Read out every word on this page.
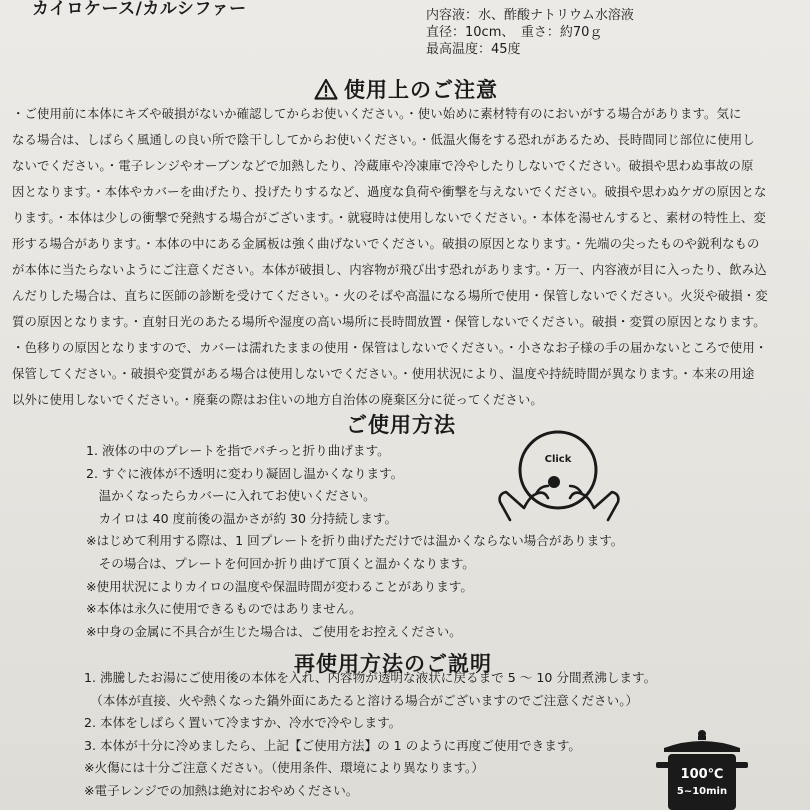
カイロケース/カルシファー	内容液：水、酢酸ナトリウム水溶液
直径：10cm、　重さ：約70ｇ
最高温度：45度
使用上のご注意
・ご使用前に本体にキズや破損がないか確認してからお使いください。・使い始めに素材特有のにおいがする場合があります。気に
なる場合は、しばらく風通しの良い所で陰干ししてからお使いください。・低温火傷をする恐れがあるため、長時間同じ部位に使用し
ないでください。・電子レンジやオーブンなどで加熱したり、冷蔵庫や冷凍庫で冷やしたりしないでください。破損や思わぬ事故の原
因となります。・本体やカバーを曲げたり、投げたりするなど、過度な負荷や衝撃を与えないでください。破損や思わぬケガの原因とな
ります。・本体は少しの衝撃で発熱する場合がございます。・就寝時は使用しないでください。・本体を湯せんすると、素材の特性上、変
形する場合があります。・本体の中にある金属板は強く曲げないでください。破損の原因となります。・先端の尖ったものや鋭利なもの
が本体に当たらないようにご注意ください。本体が破損し、内容物が飛び出す恐れがあります。・万一、内容液が目に入ったり、飲み込
んだりした場合は、直ちに医師の診断を受けてください。・火のそばや高温になる場所で使用・保管しないでください。火災や破損・変
質の原因となります。・直射日光のあたる場所や湿度の高い場所に長時間放置・保管しないでください。破損・変質の原因となります。
・色移りの原因となりますので、カバーは濡れたままの使用・保管はしないでください。・小さなお子様の手の届かないところで使用・
保管してください。・破損や変質がある場合は使用しないでください。・使用状況により、温度や持続時間が異なります。・本来の用途
以外に使用しないでください。・廃棄の際はお住いの地方自治体の廃棄区分に従ってください。
ご使用方法
Click
1. 液体の中のプレートを指でパチっと折り曲げます。
2. すぐに液体が不透明に変わり凝固し温かくなります。
　温かくなったらカバーに入れてお使いください。
　カイロは 40 度前後の温かさが約 30 分持続します。
※はじめて利用する際は、1 回プレートを折り曲げただけでは温かくならない場合があります。
　その場合は、プレートを何回か折り曲げて頂くと温かくなります。
※使用状況によりカイロの温度や保温時間が変わることがあります。
※本体は永久に使用できるものではありません。
※中身の金属に不具合が生じた場合は、ご使用をお控えください。
再使用方法のご説明
1. 沸騰したお湯にご使用後の本体を入れ、内容物が透明な液状に戻るまで 5 ～ 10 分間煮沸します。
　（本体が直接、火や熱くなった鍋外面にあたると溶ける場合がございますのでご注意ください。）
2. 本体をしばらく置いて冷ますか、冷水で冷やします。
3. 本体が十分に冷めましたら、上記【ご使用方法】の 1 のように再度ご使用できます。
※火傷には十分ご注意ください。（使用条件、環境により異なります。）
※電子レンジでの加熱は絶対におやめください。
100℃
5~10min
